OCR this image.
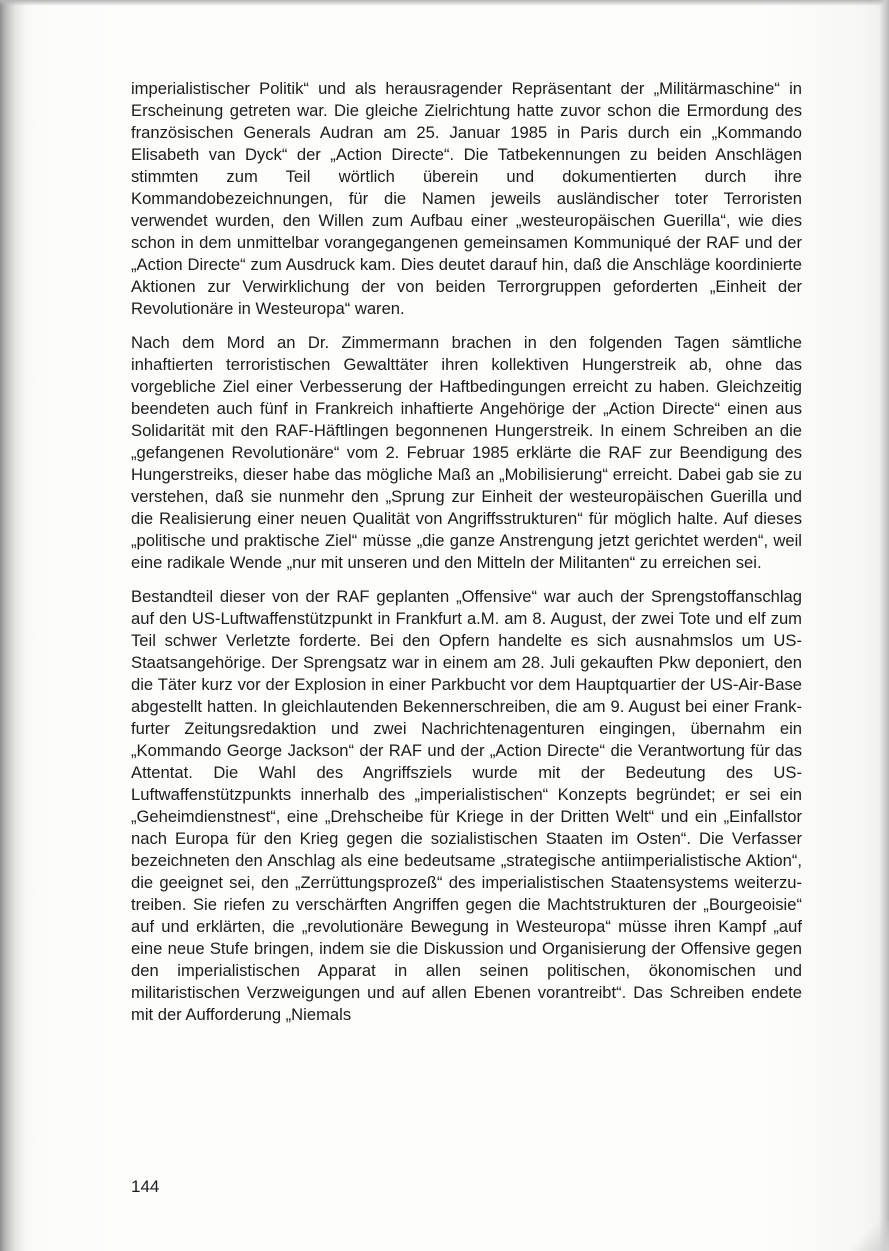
imperialistischer Politik“ und als herausragender Repräsentant der „Militärmaschine“ in Erscheinung getreten war. Die gleiche Zielrichtung hatte zuvor schon die Ermordung des französischen Generals Audran am 25. Januar 1985 in Paris durch ein „Kommando Elisabeth van Dyck“ der „Action Directe“. Die Tatbekennungen zu beiden Anschlägen stimmten zum Teil wörtlich überein und dokumentierten durch ihre Kommandobezeichnungen, für die Namen jeweils ausländischer toter Terroristen verwendet wurden, den Willen zum Aufbau einer „westeuropäischen Guerilla“, wie dies schon in dem unmittelbar vorangegangenen gemeinsamen Kommuniqué der RAF und der „Action Directe“ zum Ausdruck kam. Dies deutet darauf hin, daß die Anschläge koordinierte Aktionen zur Verwirklichung der von beiden Terrorgruppen geforderten „Einheit der Revolutionäre in Westeuropa“ waren.

Nach dem Mord an Dr. Zimmermann brachen in den folgenden Tagen sämtliche inhaftierten terroristischen Gewalttäter ihren kollektiven Hungerstreik ab, ohne das vorgebliche Ziel einer Verbesserung der Haftbedingungen erreicht zu haben. Gleichzeitig beendeten auch fünf in Frankreich inhaftierte Angehörige der „Action Directe“ einen aus Solidarität mit den RAF-Häftlingen begonnenen Hungerstreik. In einem Schreiben an die „gefangenen Revolutionäre“ vom 2. Februar 1985 erklärte die RAF zur Beendigung des Hungerstreiks, dieser habe das mögliche Maß an „Mobilisierung“ erreicht. Dabei gab sie zu verstehen, daß sie nunmehr den „Sprung zur Einheit der westeuropäischen Guerilla und die Realisierung einer neuen Qualität von Angriffsstrukturen“ für möglich halte. Auf dieses „politische und praktische Ziel“ müsse „die ganze Anstrengung jetzt gerichtet werden“, weil eine radikale Wende „nur mit unseren und den Mitteln der Militanten“ zu erreichen sei.

Bestandteil dieser von der RAF geplanten „Offensive“ war auch der Sprengstoffanschlag auf den US-Luftwaffenstützpunkt in Frankfurt a.M. am 8. August, der zwei Tote und elf zum Teil schwer Verletzte forderte. Bei den Opfern handelte es sich ausnahmslos um US-Staatsangehörige. Der Sprengsatz war in einem am 28. Juli gekauften Pkw deponiert, den die Täter kurz vor der Explosion in einer Parkbucht vor dem Hauptquartier der US-Air-Base abgestellt hatten. In gleichlautenden Bekennerschreiben, die am 9. August bei einer Frankfurter Zeitungsredaktion und zwei Nachrichtenagenturen eingingen, übernahm ein „Kommando George Jackson“ der RAF und der „Action Directe“ die Verantwortung für das Attentat. Die Wahl des Angriffsziels wurde mit der Bedeutung des US-Luftwaffenstützpunkts innerhalb des „imperialistischen“ Konzepts begründet; er sei ein „Geheimdienstnest“, eine „Drehscheibe für Kriege in der Dritten Welt“ und ein „Einfallstor nach Europa für den Krieg gegen die sozialistischen Staaten im Osten“. Die Verfasser bezeichneten den Anschlag als eine bedeutsame „strategische antiimperialistische Aktion“, die geeignet sei, den „Zerrüttungsprozeß“ des imperialistischen Staatensystems weiterzutreiben. Sie riefen zu verschärften Angriffen gegen die Machtstrukturen der „Bourgeoisie“ auf und erklärten, die „revolutionäre Bewegung in Westeuropa“ müsse ihren Kampf „auf eine neue Stufe bringen, indem sie die Diskussion und Organisierung der Offensive gegen den imperialistischen Apparat in allen seinen politischen, ökonomischen und militaristischen Verzweigungen und auf allen Ebenen vorantreibt“. Das Schreiben endete mit der Aufforderung „Niemals

144
